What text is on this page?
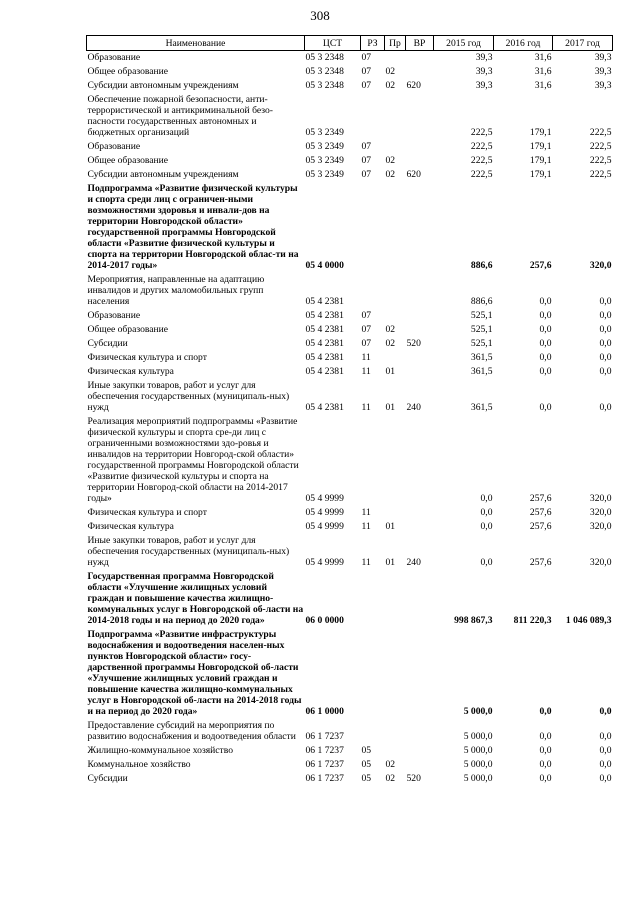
308
Наименование	ЦСТ	РЗ	Пр	ВР	2015 год	2016 год	2017 год
Образование	05 3 2348	07			39,3	31,6	39,3
Общее образование	05 3 2348	07	02		39,3	31,6	39,3
Субсидии автономным учреждениям	05 3 2348	07	02	620	39,3	31,6	39,3
Обеспечение пожарной безопасности, анти-террористической и антикриминальной безо-пасности государственных автономных и бюджетных организаций	05 3 2349				222,5	179,1	222,5
Образование	05 3 2349	07			222,5	179,1	222,5
Общее образование	05 3 2349	07	02		222,5	179,1	222,5
Субсидии автономным учреждениям	05 3 2349	07	02	620	222,5	179,1	222,5
Подпрограмма «Развитие физической культуры и спорта среди лиц с ограничен-ными возможностями здоровья и инвали-дов на территории Новгородской области» государственной программы Новгородской области «Развитие физической культуры и спорта на территории Новгородской облас-ти на 2014-2017 годы»	05 4 0000				886,6	257,6	320,0
Мероприятия, направленные на адаптацию инвалидов и других маломобильных групп населения	05 4 2381				886,6	0,0	0,0
Образование	05 4 2381	07			525,1	0,0	0,0
Общее образование	05 4 2381	07	02		525,1	0,0	0,0
Субсидии	05 4 2381	07	02	520	525,1	0,0	0,0
Физическая культура и спорт	05 4 2381	11			361,5	0,0	0,0
Физическая культура	05 4 2381	11	01		361,5	0,0	0,0
Иные закупки товаров, работ и услуг для обеспечения государственных (муниципаль-ных) нужд	05 4 2381	11	01	240	361,5	0,0	0,0
Реализация мероприятий подпрограммы «Развитие физической культуры и спорта сре-ди лиц с ограниченными возможностями здо-ровья и инвалидов на территории Новгород-ской области» государственной программы Новгородской области «Развитие физической культуры и спорта на территории Новгород-ской области на 2014-2017 годы»	05 4 9999				0,0	257,6	320,0
Физическая культура и спорт	05 4 9999	11			0,0	257,6	320,0
Физическая культура	05 4 9999	11	01		0,0	257,6	320,0
Иные закупки товаров, работ и услуг для обеспечения государственных (муниципаль-ных) нужд	05 4 9999	11	01	240	0,0	257,6	320,0
Государственная программа Новгородской области «Улучшение жилищных условий граждан и повышение качества жилищно-коммунальных услуг в Новгородской об-ласти на 2014-2018 годы и на период до 2020 года»	06 0 0000				998 867,3	811 220,3	1 046 089,3
Подпрограмма «Развитие инфраструктуры водоснабжения и водоотведения населен-ных пунктов Новгородской области» госу-дарственной программы Новгородской об-ласти «Улучшение жилищных условий граждан и повышение качества жилищно-коммунальных услуг в Новгородской об-ласти на 2014-2018 годы и на период до 2020 года»	06 1 0000				5 000,0	0,0	0,0
Предоставление субсидий на мероприятия по развитию водоснабжения и водоотведения области	06 1 7237				5 000,0	0,0	0,0
Жилищно-коммунальное хозяйство	06 1 7237	05			5 000,0	0,0	0,0
Коммунальное хозяйство	06 1 7237	05	02		5 000,0	0,0	0,0
Субсидии	06 1 7237	05	02	520	5 000,0	0,0	0,0
